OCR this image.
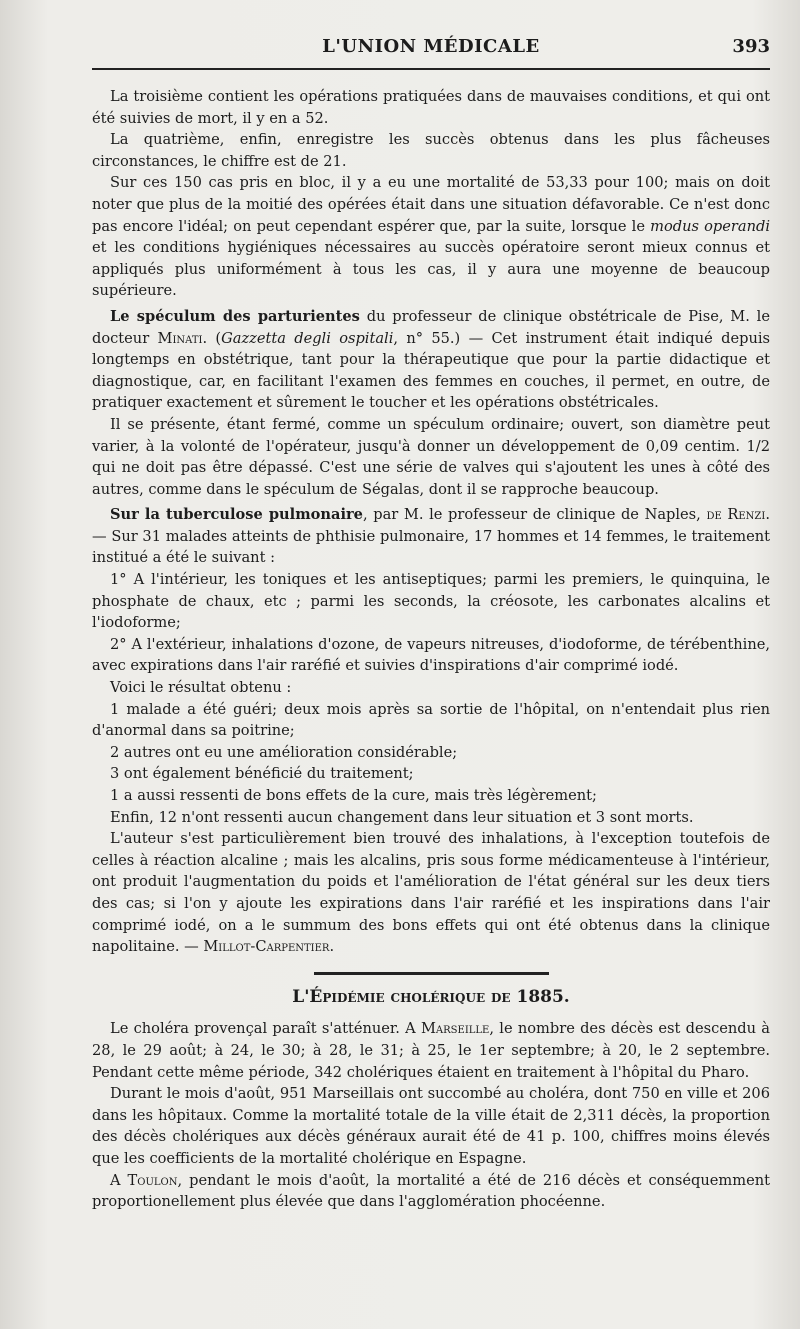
L'UNION MÉDICALE	393

La troisième contient les opérations pratiquées dans de mauvaises conditions, et qui ont été suivies de mort, il y en a 52.

La quatrième, enfin, enregistre les succès obtenus dans les plus fâcheuses circonstances, le chiffre est de 21.

Sur ces 150 cas pris en bloc, il y a eu une mortalité de 53,33 pour 100; mais on doit noter que plus de la moitié des opérées était dans une situation défavorable. Ce n'est donc pas encore l'idéal; on peut cependant espérer que, par la suite, lorsque le modus operandi et les conditions hygiéniques nécessaires au succès opératoire seront mieux connus et appliqués plus uniformément à tous les cas, il y aura une moyenne de beaucoup supérieure.

Le spéculum des parturientes du professeur de clinique obstétricale de Pise, M. le docteur Minati. (Gazzetta degli ospitali, n° 55.) — Cet instrument était indiqué depuis longtemps en obstétrique, tant pour la thérapeutique que pour la partie didactique et diagnostique, car, en facilitant l'examen des femmes en couches, il permet, en outre, de pratiquer exactement et sûrement le toucher et les opérations obstétricales.

Il se présente, étant fermé, comme un spéculum ordinaire; ouvert, son diamètre peut varier, à la volonté de l'opérateur, jusqu'à donner un développement de 0,09 centim. 1/2 qui ne doit pas être dépassé. C'est une série de valves qui s'ajoutent les unes à côté des autres, comme dans le spéculum de Ségalas, dont il se rapproche beaucoup.

Sur la tuberculose pulmonaire, par M. le professeur de clinique de Naples, de Renzi. — Sur 31 malades atteints de phthisie pulmonaire, 17 hommes et 14 femmes, le traitement institué a été le suivant :

1° A l'intérieur, les toniques et les antiseptiques; parmi les premiers, le quinquina, le phosphate de chaux, etc ; parmi les seconds, la créosote, les carbonates alcalins et l'iodoforme;

2° A l'extérieur, inhalations d'ozone, de vapeurs nitreuses, d'iodoforme, de térébenthine, avec expirations dans l'air raréfié et suivies d'inspirations d'air comprimé iodé.

Voici le résultat obtenu :

1 malade a été guéri; deux mois après sa sortie de l'hôpital, on n'entendait plus rien d'anormal dans sa poitrine;

2 autres ont eu une amélioration considérable;

3 ont également bénéficié du traitement;

1 a aussi ressenti de bons effets de la cure, mais très légèrement;

Enfin, 12 n'ont ressenti aucun changement dans leur situation et 3 sont morts.

L'auteur s'est particulièrement bien trouvé des inhalations, à l'exception toutefois de celles à réaction alcaline ; mais les alcalins, pris sous forme médicamenteuse à l'intérieur, ont produit l'augmentation du poids et l'amélioration de l'état général sur les deux tiers des cas; si l'on y ajoute les expirations dans l'air raréfié et les inspirations dans l'air comprimé iodé, on a le summum des bons effets qui ont été obtenus dans la clinique napolitaine. — Millot-Carpentier.

L'Épidémie cholérique de 1885.

Le choléra provençal paraît s'atténuer. A Marseille, le nombre des décès est descendu à 28, le 29 août; à 24, le 30; à 28, le 31; à 25, le 1er septembre; à 20, le 2 septembre. Pendant cette même période, 342 cholériques étaient en traitement à l'hôpital du Pharo.

Durant le mois d'août, 951 Marseillais ont succombé au choléra, dont 750 en ville et 206 dans les hôpitaux. Comme la mortalité totale de la ville était de 2,311 décès, la proportion des décès cholériques aux décès généraux aurait été de 41 p. 100, chiffres moins élevés que les coefficients de la mortalité cholérique en Espagne.

A Toulon, pendant le mois d'août, la mortalité a été de 216 décès et conséquemment proportionellement plus élevée que dans l'agglomération phocéenne.
